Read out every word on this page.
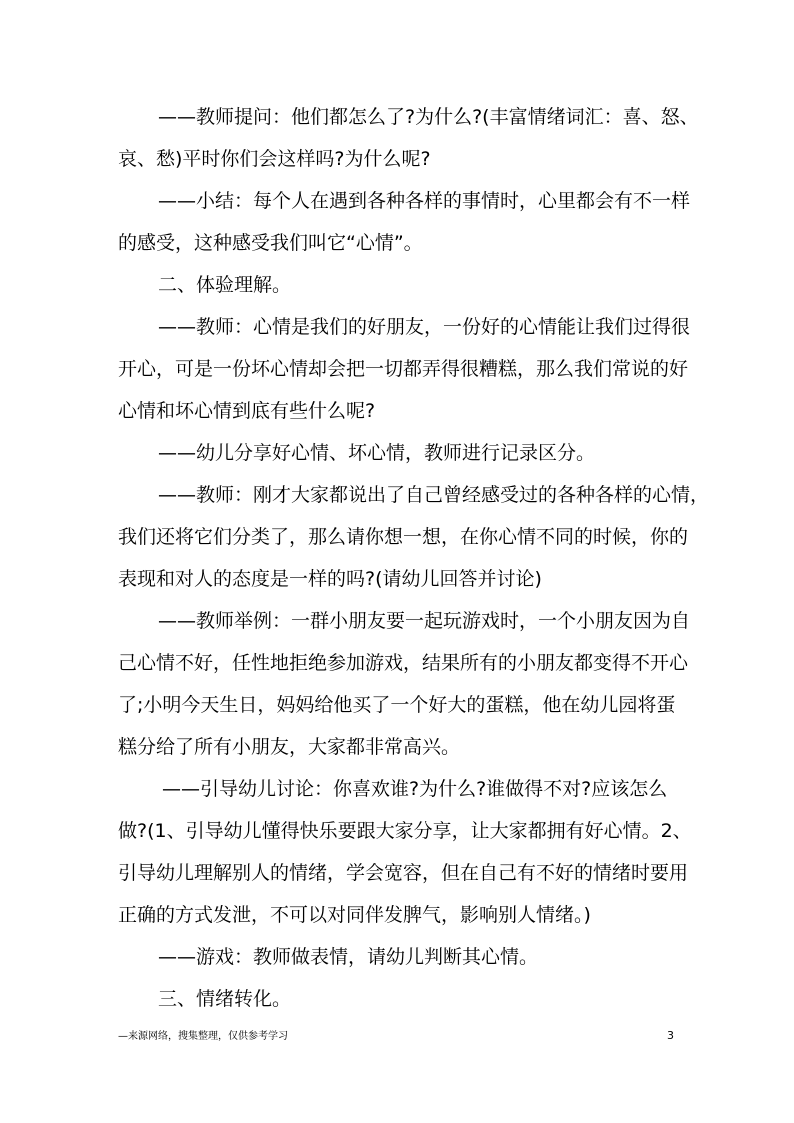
——教师提问：他们都怎么了?为什么?(丰富情绪词汇：喜、怒、
哀、愁)平时你们会这样吗?为什么呢?
——小结：每个人在遇到各种各样的事情时，心里都会有不一样
的感受，这种感受我们叫它“心情”。
二、体验理解。
——教师：心情是我们的好朋友，一份好的心情能让我们过得很
开心，可是一份坏心情却会把一切都弄得很糟糕，那么我们常说的好
心情和坏心情到底有些什么呢?
——幼儿分享好心情、坏心情，教师进行记录区分。
——教师：刚才大家都说出了自己曾经感受过的各种各样的心情，
我们还将它们分类了，那么请你想一想，在你心情不同的时候，你的
表现和对人的态度是一样的吗?(请幼儿回答并讨论)
——教师举例：一群小朋友要一起玩游戏时，一个小朋友因为自
己心情不好，任性地拒绝参加游戏，结果所有的小朋友都变得不开心
了;小明今天生日，妈妈给他买了一个好大的蛋糕，他在幼儿园将蛋
糕分给了所有小朋友，大家都非常高兴。
——引导幼儿讨论：你喜欢谁?为什么?谁做得不对?应该怎么
做?(1、引导幼儿懂得快乐要跟大家分享，让大家都拥有好心情。2、
引导幼儿理解别人的情绪，学会宽容，但在自己有不好的情绪时要用
正确的方式发泄，不可以对同伴发脾气，影响别人情绪。)
——游戏：教师做表情，请幼儿判断其心情。
三、情绪转化。
—来源网络，搜集整理，仅供参考学习	3
